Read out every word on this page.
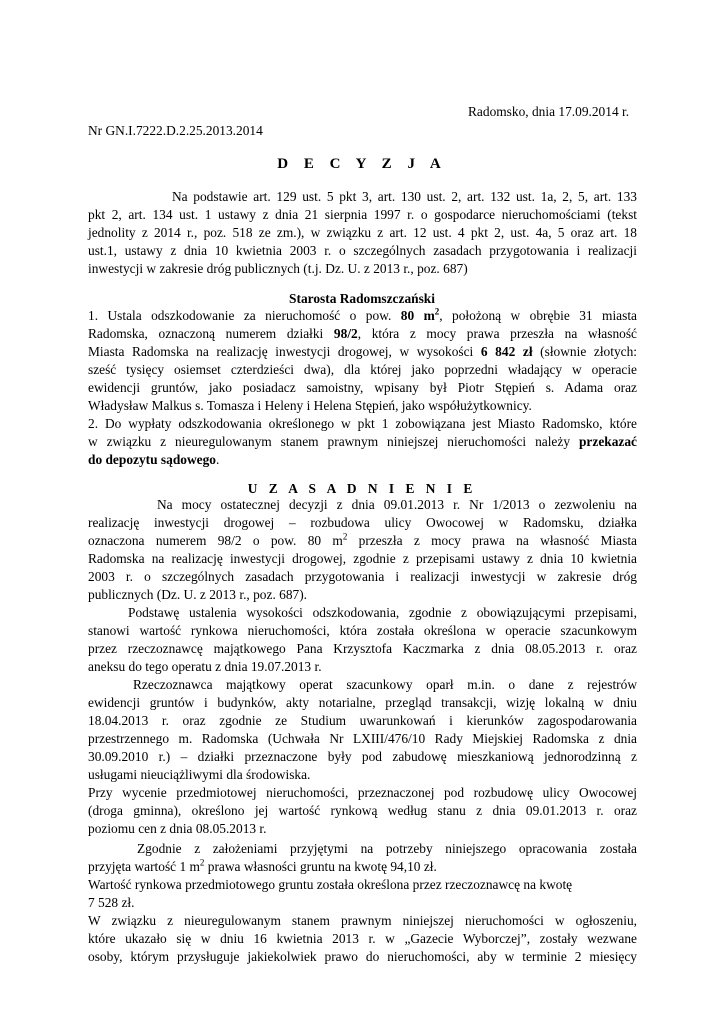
Radomsko, dnia 17.09.2014 r.
Nr GN.I.7222.D.2.25.2013.2014
D E C Y Z J A
Na podstawie art. 129 ust. 5 pkt 3, art. 130 ust. 2, art. 132 ust. 1a, 2, 5, art. 133
pkt 2, art. 134 ust. 1 ustawy z dnia 21 sierpnia 1997 r. o gospodarce nieruchomościami (tekst
jednolity z 2014 r., poz. 518 ze zm.), w związku z art. 12 ust. 4 pkt 2, ust. 4a, 5 oraz art. 18
ust.1, ustawy z dnia 10 kwietnia 2003 r. o szczególnych zasadach przygotowania i realizacji
inwestycji w zakresie dróg publicznych (t.j. Dz. U. z 2013 r., poz. 687)
Starosta Radomszczański
1. Ustala odszkodowanie za nieruchomość o pow. 80 $m^2$, położoną w obrębie 31 miasta
Radomska, oznaczoną numerem działki 98/2, która z mocy prawa przeszła na własność
Miasta Radomska na realizację inwestycji drogowej, w wysokości 6 842 zł (słownie złotych:
sześć tysięcy osiemset czterdzieści dwa), dla której jako poprzedni władający w operacie
ewidencji gruntów, jako posiadacz samoistny, wpisany był Piotr Stępień s. Adama oraz
Władysław Malkus s. Tomasza i Heleny i Helena Stępień, jako współużytkownicy.
2. Do wypłaty odszkodowania określonego w pkt 1 zobowiązana jest Miasto Radomsko, które
w związku z nieuregulowanym stanem prawnym niniejszej nieruchomości należy przekazać
do depozytu sądowego.
U Z A S A D N I E N I E
Na mocy ostatecznej decyzji z dnia 09.01.2013 r. Nr 1/2013 o zezwoleniu na
realizację inwestycji drogowej – rozbudowa ulicy Owocowej w Radomsku, działka
oznaczona numerem 98/2 o pow. 80 $m^2$ przeszła z mocy prawa na własność Miasta
Radomska na realizację inwestycji drogowej, zgodnie z przepisami ustawy z dnia 10 kwietnia
2003 r. o szczególnych zasadach przygotowania i realizacji inwestycji w zakresie dróg
publicznych (Dz. U. z 2013 r., poz. 687).
Podstawę ustalenia wysokości odszkodowania, zgodnie z obowiązującymi przepisami,
stanowi wartość rynkowa nieruchomości, która została określona w operacie szacunkowym
przez rzeczoznawcę majątkowego Pana Krzysztofa Kaczmarka z dnia 08.05.2013 r. oraz
aneksu do tego operatu z dnia 19.07.2013 r.
Rzeczoznawca majątkowy operat szacunkowy oparł m.in. o dane z rejestrów
ewidencji gruntów i budynków, akty notarialne, przegląd transakcji, wizję lokalną w dniu
18.04.2013 r. oraz zgodnie ze Studium uwarunkowań i kierunków zagospodarowania
przestrzennego m. Radomska (Uchwała Nr LXIII/476/10 Rady Miejskiej Radomska z dnia
30.09.2010 r.) – działki przeznaczone były pod zabudowę mieszkaniową jednorodzinną z
usługami nieuciążliwymi dla środowiska.
Przy wycenie przedmiotowej nieruchomości, przeznaczonej pod rozbudowę ulicy Owocowej
(droga gminna), określono jej wartość rynkową według stanu z dnia 09.01.2013 r. oraz
poziomu cen z dnia 08.05.2013 r.
Zgodnie z założeniami przyjętymi na potrzeby niniejszego opracowania została
przyjęta wartość 1 $m^2$ prawa własności gruntu na kwotę 94,10 zł.
Wartość rynkowa przedmiotowego gruntu została określona przez rzeczoznawcę na kwotę
7 528 zł.
W związku z nieuregulowanym stanem prawnym niniejszej nieruchomości w ogłoszeniu,
które ukazało się w dniu 16 kwietnia 2013 r. w „Gazecie Wyborczej”, zostały wezwane
osoby, którym przysługuje jakiekolwiek prawo do nieruchomości, aby w terminie 2 miesięcy
